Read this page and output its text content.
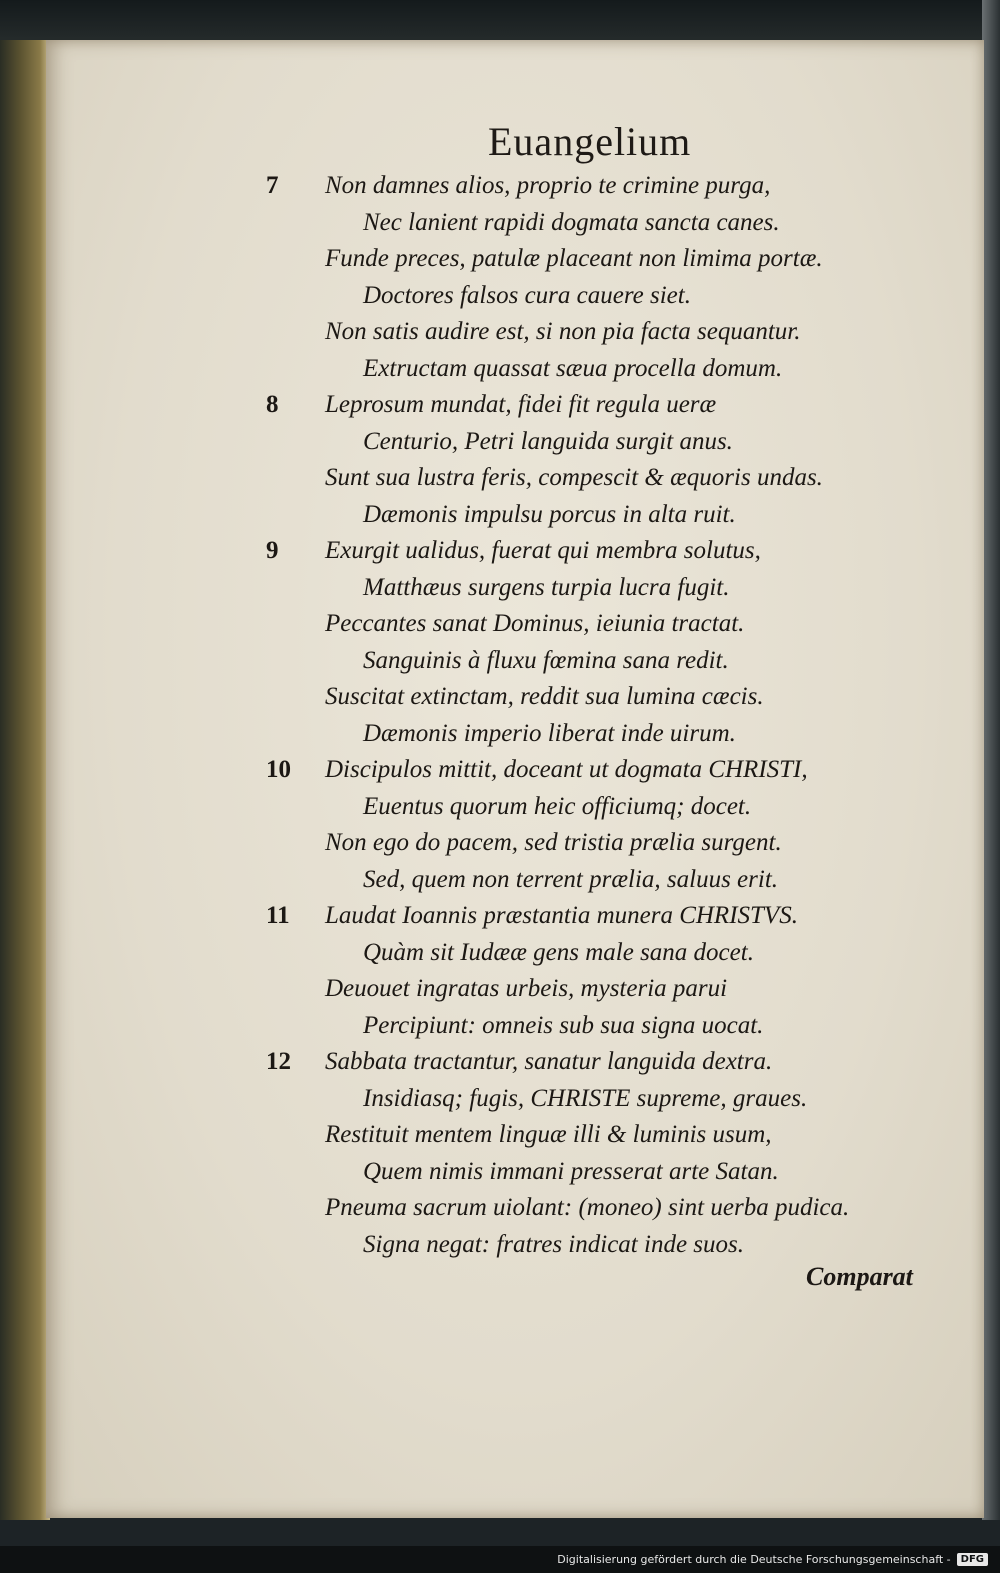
Euangelium
7 Non damnes alios, proprio te crimine purga,
Nec lanient rapidi dogmata sancta canes.
Funde preces, patulæ placeant non limima portæ.
Doctores falsos cura cauere siet.
Non satis audire est, si non pia facta sequantur.
Extructam quassat sæua procella domum.
8 Leprosum mundat, fidei fit regula ueræ
Centurio, Petri languida surgit anus.
Sunt sua lustra feris, compescit & æquoris undas.
Dæmonis impulsu porcus in alta ruit.
9 Exurgit ualidus, fuerat qui membra solutus,
Matthæus surgens turpia lucra fugit.
Peccantes sanat Dominus, ieiunia tractat.
Sanguinis à fluxu fœmina sana redit.
Suscitat extinctam, reddit sua lumina cæcis.
Dæmonis imperio liberat inde uirum.
10 Discipulos mittit, doceant ut dogmata CHRISTI,
Euentus quorum heic officiumq; docet.
Non ego do pacem, sed tristia prælia surgent.
Sed, quem non terrent prælia, saluus erit.
11 Laudat Ioannis præstantia munera CHRISTVS.
Quàm sit Iudææ gens male sana docet.
Deuouet ingratas urbeis, mysteria parui
Percipiunt: omneis sub sua signa uocat.
12 Sabbata tractantur, sanatur languida dextra.
Insidiasq; fugis, CHRISTE supreme, graues.
Restituit mentem linguæ illi & luminis usum,
Quem nimis immani presserat arte Satan.
Pneuma sacrum uiolant: (moneo) sint uerba pudica.
Signa negat: fratres indicat inde suos.
Comparat
Digitalisierung gefördert durch die Deutsche Forschungsgemeinschaft -	DFG
